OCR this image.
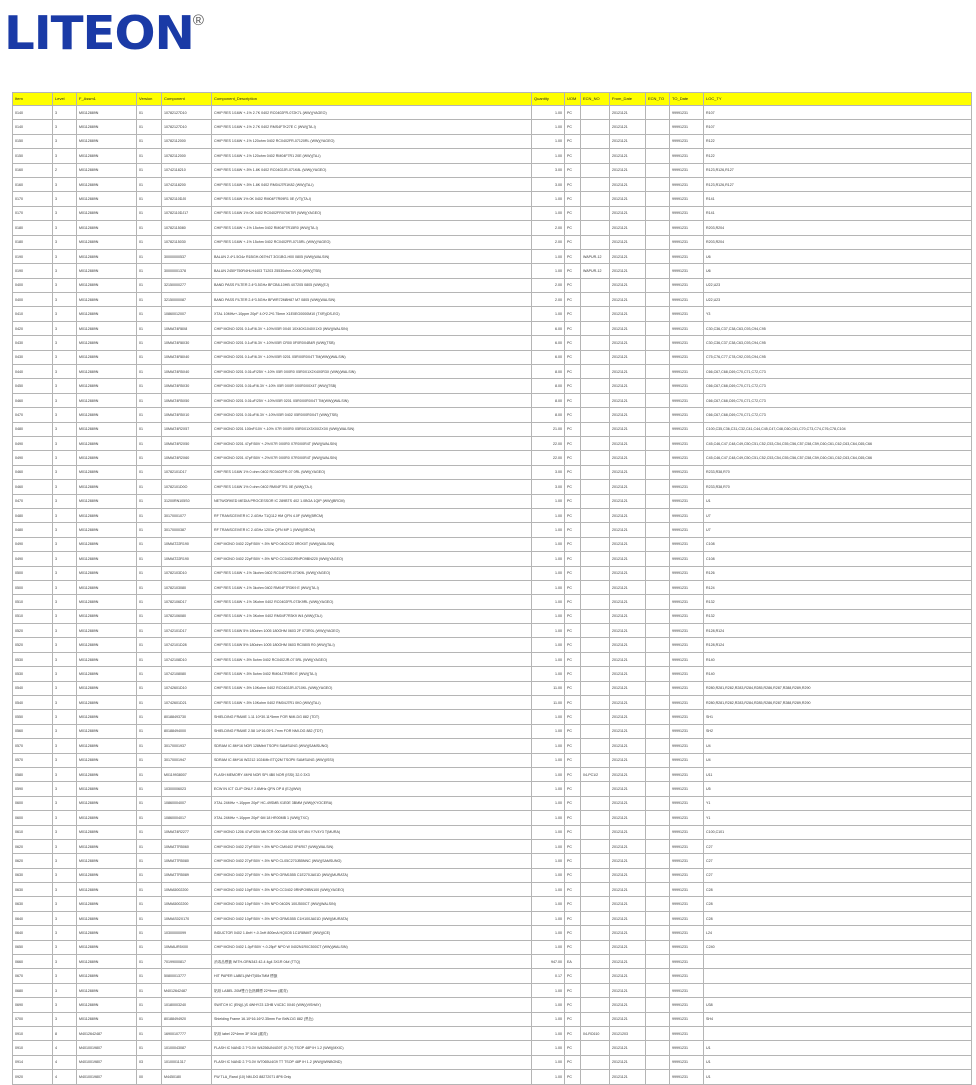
LITEON
®
Item	Level	F_Assm1	Version	Component	Component_Description	Quantity	UOM	ECN_NO	From_Date	ECN_TO	TO_Date	LOC_TY
0140	3	M0112889N	01	10782127D10	CHIP RES 1/16W +-1% 2.7K 0402 RC0402FR-072K7L (WW)(YAGEO)	1.00	PC		20121121		99991231	R107
0140	3	M0112889N	01	10782127D10	CHIP RES 1/16W +-1% 2.7K 0402 RMS4F7K27E C (WW)(TA-I)	1.00	PC		20121121		99991231	R107
0150	3	M0112889N	01	10782112000	CHIP RES 1/16W +-1% 120ohm 0402 RC0402FR-07120RL (WW)(YAGEO)	1.00	PC		20121121		99991231	R122
0150	3	M0112889N	01	10782112000	CHIP RES 1/16W +-1% 120ohm 0402 RM04F7R1 20E (WW)(TA-I)	1.00	PC		20121121		99991231	R122
0160	2	M0112889N	01	10742118210	CHIP RES 1/16W +-5% 1.8K 0402 RC0402JR-071K8L (WW)(YAGEO)	3.00	PC		20121121		99991231	R123,R126,R127
0160	3	M0112889N	01	10742118200	CHIP RES 1/16W +-5% 1.8K 0402 RM04J7R1K82 (WW)(TA-I)	3.00	PC		20121121		99991231	R123,R126,R127
0170	3	M0112889N	01	10782110DJ0	CHIP RES 1/16W 1% 0K 0402 RM04F7R09R1 0E (VT)(TA-I)	1.00	PC		20121121		99991231	R141
0170	3	M0112889N	01	10782110DJ17	CHIP RES 1/16W 1% 0K 0402 RC0402FR070KTIR (WW)(YAGEO)	1.00	PC		20121121		99991231	R141
0180	3	M0112889N	01	10782115080	CHIP RES 1/16W +-1% 15ohm 0402 RM04F7R15R0 (WW)(TA-I)	2.00	PC		20121121		99991231	R203,R204
0180	3	M0112889N	01	10782115030	CHIP RES 1/16W +-1% 15ohm 0402 RC0402FR-0715RL (WW)(YAGEO)	2.00	PC		20121121		99991231	R203,R204
0190	3	M0112889N	01	30000000537	BALUN 2.4*1.5G4z R1BGH-067H4T 3G/1BG-H00 0805 (WW)(WALSIN)	1.00	PC	WAPUR-12	20121121		99991231	U6
0190	3	M0112889N	01	30000001378	BALUN 2450*750R4HLH4403 T1203 25530ohm-0.005 (WW)(TSB)	1.00	PC	WAPUR-12	20121121		99991231	U6
0400	3	M0112889N	01	32150000277	BAND PASS FILTER 2.4*3.5GHz BFCB8-10HB 4X7205 0805 (WW)(EJ)	2.00	PC		20121121		99991231	U22,U23
0400	3	M0112889N	01	32150000087	BAND PASS FILTER 2.4*3.5GHz BFWR72M8H87 M7 0805 (WW)(WALSIN)	2.00	PC		20121121		99991231	U22,U23
0410	3	M0112889N	01	10860012007	XTAL 10MHz+-10ppm 20pF 4.0*2.2*0.75mm X1E0EG0000M10 (TXR)(DS-EG)	1.00	PC		20121121		99991231	Y3
0420	3	M0112889N	01	10MIAT4R8X8	CHIP MONO 0201 0.1uF/6.3V +-10%/X5R 0X40 10X40X1040X1X0 (WW)(WALSIN)	6.00	PC		20121121		99991231	C30,C36,C37,C38,C63,C93,C94,C95
0430	3	M0112889N	01	10MIAT4R8X30	CHIP MONO 0201 0.1uF/6.3V +-10%/X5R CR00 0F0R0X4B4R (WW)(TSB)	6.00	PC		20121121		99991231	C30,C36,C37,C38,C63,C93,C94,C95
0430	3	M0112889N	01	10MIAT4R8X40	CHIP MONO 0201 0.1uF/6.3V +-10%/X5R 0201 X5RX0R0X4T TM(WW)(WALSIN)	6.00	PC		20121121		99991231	C75,C76,C77,C78,C92,C93,C94,C95
0440	3	M0112889N	01	10MIAT4R5X40	CHIP MONO 0201 0.01uF/25V +-10% X5R 0X0R0 X5R0X1X2X4X0R3X (WW)(WALSIN)	8.00	PC		20121121		99991231	C66,C67,C68,C69,C70,C71,C72,C73
0450	3	M0112889N	01	10MIAT4R5X30	CHIP MONO 0201 0.01uF/6.3V +-10% X5R 0X0R 0X0R0X0X4T (WW)(TSB)	8.00	PC		20121121		99991231	C66,C67,C68,C69,C70,C71,C72,C73
0460	3	M0112889N	01	10MIAT4R5X50	CHIP MONO 0201 0.01uF/25V +-10%/X5R 0201 X5R0X0R0X4T TM(WW)(WALSIN)	8.00	PC		20121121		99991231	C66,C67,C68,C69,C70,C71,C72,C73
0470	3	M0112889N	01	10MIAT4R5X10	CHIP MONO 0201 0.01uF/6.3V +-10%/X5R 0402 X5R0X0R0X4T (WW)(TSB)	8.00	PC		20121121		99991231	C66,C67,C68,C69,C70,C71,C72,C73
0480	3	M0112889N	01	10MIAT4R2X57	CHIP MONO 0201 100nF/10V +-10% X7R 0X0R0 X5R0X1X3X0X2X0X (WW)(WALSIN)	21.00	PC		20121121		99991231	C100,C35,C36,C31,C32,C41,C44,C45,C47,C48,C60,C61,C70,C73,C74,C76,C78,C104
0490	3	M0112889N	01	10MIAT4R2X50	CHIP MONO 0201 47pF/50V +-2%/X7R 0X0R0 X7R0X0R4T (WW)(WALSIN)	22.00	PC		20121121		99991231	C45,C46,C47,C48,C49,C50,C51,C52,C53,C54,C55,C56,C57,C58,C59,C60,C61,C62,C63,C64,C65,C66
0490	3	M0112889N	01	10MIAT4R2X60	CHIP MONO 0201 47pF/50V +-2%/X7R 0X0R0 X7R0X0R4T (WW)(WALSIN)	22.00	PC		20121121		99991231	C45,C46,C47,C48,C49,C50,C51,C52,C53,C54,C55,C56,C57,C58,C59,C60,C61,C62,C63,C64,C65,C66
0460	3	M0112889N	01	10782101D17	CHIP RES 1/16W 1% 0 ohm 0402 RC0402FR-07 0RL (WW)(YAGEO)	3.00	PC		20121121		99991231	R233,R38,R70
0460	3	M0112889N	01	10782101D0O	CHIP RES 1/16W 1% 0 ohm 0402 RM04F7R1 0E (WW)(TA-I)	3.00	PC		20121121		99991231	R233,R38,R70
0470	3	M0112889N	01	31200RN105S0	NETWORKED MEDIA PROCESSOR IC 289BTS 402 1.0BGA 1QIP (WW)(BRCM)	1.00	PC		20121121		99991231	U1
0480	3	M0112889N	01	30170001077	RF TRANSCEIVER IC 2.4GHz T1Q112 HM QFN 4.0F (WW)(BRCM)	1.00	PC		20121121		99991231	U7
0480	3	M0112889N	01	30170000387	RF TRANSCEIVER IC 2.4GHz 1201e QFN MP 1 (WW)(BRCM)	1.00	PC		20121121		99991231	U7
0490	3	M0112889N	01	10MIAT22R190	CHIP MONO 0402 22pF/50V +-5% NPO 0402X22 0R0X0T (WW)(WALSIN)	1.00	PC		20121121		99991231	C108
0490	3	M0112889N	01	10MIAT22R190	CHIP MONO 0402 22pF/50V +-5% NPO CC0402JRNPO9BN220 (WW)(YAGEO)	1.00	PC		20121121		99991231	C108
0500	3	M0112889N	01	10782103D10	CHIP RES 1/16W +-1% 3kohm 0402 RC0402FR-073K9L (WW)(YAGEO)	1.00	PC		20121121		99991231	R126
0500	3	M0112889N	01	10782103080	CHIP RES 1/16W +-1% 3kohm 0402 RM04F7R3K9 E (WW)(TA-I)	1.00	PC		20121121		99991231	R124
0510	3	M0112889N	01	10782106D17	CHIP RES 1/16W +-1% 3Kohm 0402 RC0402FR-073K9RL (WW)(YAGEO)	1.00	PC		20121121		99991231	R132
0510	3	M0112889N	01	10782106080	CHIP RES 1/16W +-1% 3Kohm 0402 RM04F7R3K9 W4 (WW)(TA-I)	1.00	PC		20121121		99991231	R132
0520	3	M0112889N	01	10742101D17	CHIP RES 1/16W 5% 180ohm 1005 180OHM 0603 2F 073R0L (WW)(YAGEO)	1.00	PC		20121121		99991231	R128,R124
0520	3	M0112889N	01	10742101D28	CHIP RES 1/16W 5% 180ohm 1005 180OHM 0603 RC0805 R0 (WW)(TA-I)	1.00	PC		20121121		99991231	R128,R124
0530	3	M0112889N	01	10742108D10	CHIP RES 1/16W +-5% 5ohm 0402 RC0402JR-07 5RL (WW)(YAGEO)	1.00	PC		20121121		99991231	R140
0530	3	M0112889N	01	10742108080	CHIP RES 1/16W +-5% 5ohm 0402 RM04J7R5R0 E (WW)(TA-I)	1.00	PC		20121121		99991231	R140
0540	3	M0112889N	01	10742601D10	CHIP RES 1/16W +-5% 10Kohm 0402 RC0402JR-0710KL (WW)(YAGEO)	11.00	PC		20121121		99991231	R280,R281,R282,R283,R284,R285,R286,R287,R288,R289,R290
0540	3	M0112889N	01	10742601D21	CHIP RES 1/16W +-5% 10Kohm 0402 RM04J7R1 0K0 (WW)(TA-I)	11.00	PC		20121121		99991231	R280,R281,R282,R283,R284,R285,R286,R287,R288,R289,R290
0550	3	M0112889N	01	80188493730	SHIELDING FRAME 1.11 10*30.11*5mm FOR NMI-DG 882 (TDT)	1.00	PC		20121121		99991231	SH1
0560	3	M0112889N	01	80188494000	SHIELDING FRAME 2.58 14*16.05*1.7mm FOR NMI-DG 882 (TDT)	1.00	PC		20121121		99991231	SH2
0570	3	M0112889N	01	30170001937	SDRAM IC 8M*16 NOR 128Mbit TSOPII SAMSUNG (WW)(SAMSUNG)	1.00	PC		20121121		99991231	U4
0570	3	M0112889N	01	30170001947	SDRAM IC 8M*16 W2212 1024Mb ETQ2M TSOPII SAMSUNG (WW)(ISSI)	1.00	PC		20121121		99991231	U4
0580	3	M0112889N	01	M0119938007	FLASH MEMORY 4M*8 NOR SPI 4B0 NOR (ISSI) 32.0 3X3	1.00	PC	04-PC1/2	20121121		99991231	U11
0590	3	M0112889N	01	10300006023	ECW IN ICT CLIP ONLY 2.6MHz QFN OP 8 (EJ)(WW)	1.00	PC		20121121		99991231	U5
0600	3	M0112889N	01	10860004007	XTAL 24MHz +-10ppm 20pF HC-49SMB X1E0E 3BMM (WW)(KYOCERA)	1.00	PC		20121121		99991231	Y1
0600	3	M0112889N	01	10860004017	XTAL 24MHz +-10ppm 20pF 6M 18 HR00MB 1 (WW)(TXC)	1.00	PC		20121121		99991231	Y1
0610	3	M0112889N	01	10MIAT4R2277	CHIP MONO 1206 47uF/25V Mb7CR 000 GMI 0206 WT494 Y7V4Y3 T(MURA)	1.00	PC		20121121		99991231	C100,C101
0620	3	M0112889N	01	10MIAT7R5060	CHIP MONO 0402 27pF/50V +-5% NPO CM0402 0P4R07 (WW)(WALSIN)	1.00	PC		20121121		99991231	C27
0620	3	M0112889N	01	10MIAT7R5080	CHIP MONO 0402 27pF/50V +-5% NPO CL05C270JB5NNC (WW)(SAMSUNG)	1.00	PC		20121121		99991231	C27
0630	3	M0112889N	01	10MIAT7R5089	CHIP MONO 0402 27pF/50V +-5% NPO GRM1555 C1E270JA01D (WW)(MURATA)	1.00	PC		20121121		99991231	C27
0630	3	M0112889N	01	10MIA5002200	CHIP MONO 0402 10pF/50V +-5% NPO CC0402 0RNPO9BN100 (WW)(YAGEO)	1.00	PC		20121121		99991231	C28
0630	3	M0112889N	01	10MIA5002200	CHIP MONO 0402 10pF/50V +-5% NPO 0402N 100J500CT (WW)(WALSIN)	1.00	PC		20121121		99991231	C28
0640	3	M0112889N	01	10MIAS02X170	CHIP MONO 0402 10pF/50V +-5% NPO GRM1555 C1H100JA01D (WW)(MURATA)	1.00	PC		20121121		99991231	C28
0640	3	M0112889N	01	10300000099	INDUCTOR 0402 1.8nH +-0.3nH 800mA HQ0O5 1C1R8NMT (WW)(ICE)	1.00	PC		20121121		99991231	L24
0650	3	M0112889N	01	10MIAUR5X00	CHIP MONO 0402 1.0pF/50V +-0.25pF NPO W 0402N1R0C500CT (WW)(WALSIN)	1.00	PC		20121121		99991231	C240
0660	3	M0112889N	01	70199000817	消毒品標籤 WITH-GRN343 42-4 4g4 3X1R 04# (TTQ)	947.00	EA		20121121		99991231	
0670	3	M0112889N	01	50800013777	HIT PAPER LABEL(WHT)55x7MM 標籤	0.17	PC		20121121		99991231	
0680	3	M0112889N	01	M4012642487	貼紙 LABEL 20M雙白色熱轉標 22*9mm (藏青)	1.00	PC		20121121		99991231	
0690	3	M0112889N	01	10180003240	SWITCH IC (EN)(L)S 4WHY23 12HB V4C3C 0X40 (WW)(VISHAY)	1.00	PC		20121121		99991231	U38
0700	3	M0112889N	01	80188494920	Shielding Frame 16.10*16.16*2.35mm For BrW-DG 882 (黑色)	1.00	PC		20121121		99991231	SH4
0910	8	M4012642487	01	16900107777	貼紙 label 22*4mm 3F 5G8 (藏青)	1.00	PC	04-RC610	20121203		99991231	
0910	4	M4010019807	01	10100043087	FLASH IC NAND 2.7*3.0V W4256UN4G9T (0.7V) TSOP 48P IH 1.2 (WW)(MXIC)	1.00	PC		20121121		99991231	U1
0914	4	M4010019807	03	10100011317	FLASH IC NAND 2.7*3.0V W7065U4G9 TT TSOP 48P IH 1.2 (WW)(WINBOND)	1.00	PC		20121121		99991231	U1
0920	4	M4010019807	00	M4450180	FW TLA_Rand (10) NM-DG 88272071 8P8 Only	1.00	PC		20121121		99991231	U1
